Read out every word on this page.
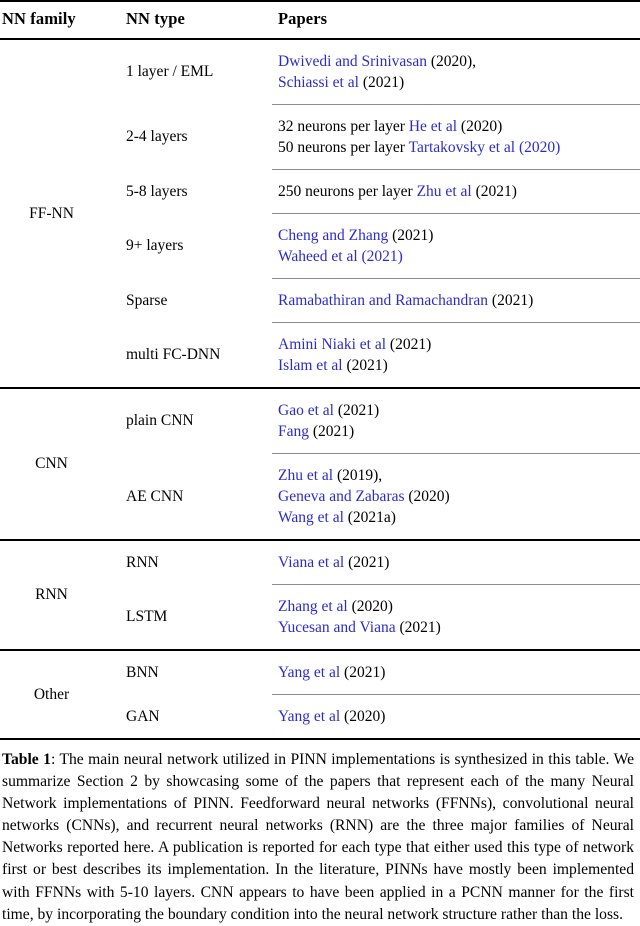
NN family	NN type	Papers

FF-NN	1 layer / EML	Dwivedi and Srinivasan (2020),
Schiassi et al (2021)

	2-4 layers	32 neurons per layer He et al (2020)
50 neurons per layer Tartakovsky et al (2020)

	5-8 layers	250 neurons per layer Zhu et al (2021)

	9+ layers	Cheng and Zhang (2021)
Waheed et al (2021)

	Sparse	Ramabathiran and Ramachandran (2021)

	multi FC-DNN	Amini Niaki et al (2021)
Islam et al (2021)

CNN	plain CNN	Gao et al (2021)
Fang (2021)

	AE CNN	Zhu et al (2019),
Geneva and Zabaras (2020)
Wang et al (2021a)

RNN	RNN	Viana et al (2021)

	LSTM	Zhang et al (2020)
Yucesan and Viana (2021)

Other	BNN	Yang et al (2021)

	GAN	Yang et al (2020)

Table 1: The main neural network utilized in PINN implementations is synthesized in this table. We summarize Section 2 by showcasing some of the papers that represent each of the many Neural Network implementations of PINN. Feedforward neural networks (FFNNs), convolutional neural networks (CNNs), and recurrent neural networks (RNN) are the three major families of Neural Networks reported here. A publication is reported for each type that either used this type of network first or best describes its implementation. In the literature, PINNs have mostly been implemented with FFNNs with 5-10 layers. CNN appears to have been applied in a PCNN manner for the first time, by incorporating the boundary condition into the neural network structure rather than the loss.
